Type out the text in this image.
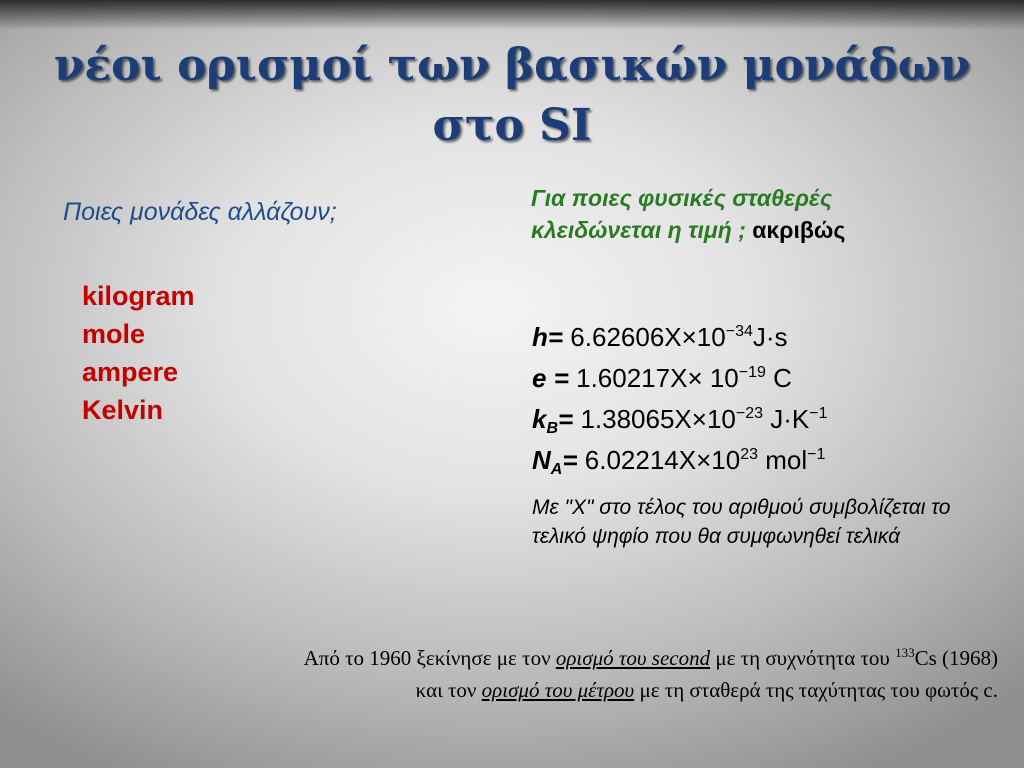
νέοι ορισμοί των βασικών μονάδων
στο SI
Ποιες μονάδες αλλάζουν;	Για ποιες φυσικές σταθερές
κλειδώνεται η τιμή ; ακριβώς
kilogram
mole
ampere
Kelvin
$h= 6.62606X\times 10^{-34}J\cdot s$
$e = 1.60217X\times 10^{-19}$ C
$k_B= 1.38065X\times 10^{-23}$ $J\cdot K^{-1}$
$N_A= 6.02214X\times 10^{23}$ mol$^{-1}$
Με "X" στο τέλος του αριθμού συμβολίζεται το τελικό ψηφίο που θα συμφωνηθεί τελικά
Από το 1960 ξεκίνησε με τον ορισμό του second με τη συχνότητα του $^{133}$Cs (1968)
και τον ορισμό του μέτρου με τη σταθερά της ταχύτητας του φωτός c.
